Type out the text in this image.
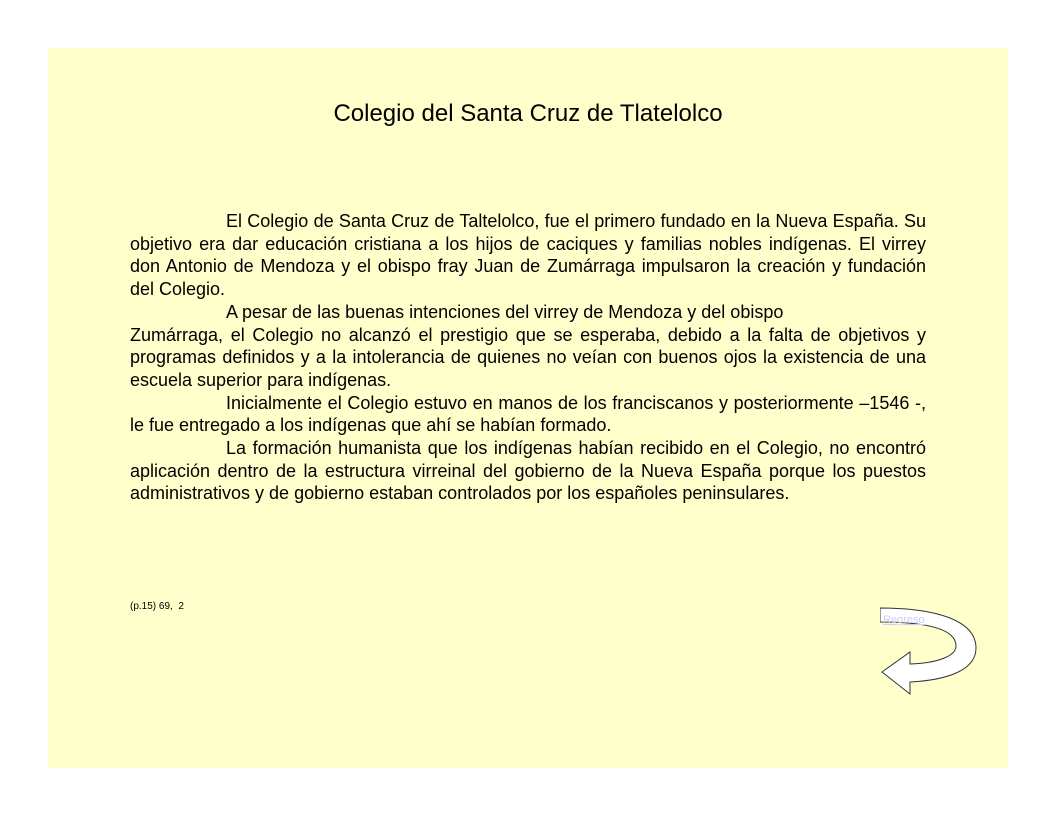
Colegio del Santa Cruz de Tlatelolco

El Colegio de Santa Cruz de Taltelolco, fue el primero fundado en la Nueva España. Su objetivo era dar educación cristiana a los hijos de caciques y familias nobles indígenas. El virrey don Antonio de Mendoza y el obispo fray Juan de Zumárraga impulsaron la creación y fundación del Colegio.

A pesar de las buenas intenciones del virrey de Mendoza y del obispo

Zumárraga, el Colegio no alcanzó el prestigio que se esperaba, debido a la falta de objetivos y programas definidos y a la intolerancia de quienes no veían con buenos ojos la existencia de una escuela superior para indígenas.

Inicialmente el Colegio estuvo en manos de los franciscanos y posteriormente –1546 -, le fue entregado a los indígenas que ahí se habían formado.

La formación humanista que los indígenas habían recibido en el Colegio, no encontró aplicación dentro de la estructura virreinal del gobierno de la Nueva España porque los puestos administrativos y de gobierno estaban controlados por los españoles peninsulares.

(p.15) 69,  2
Regreso
